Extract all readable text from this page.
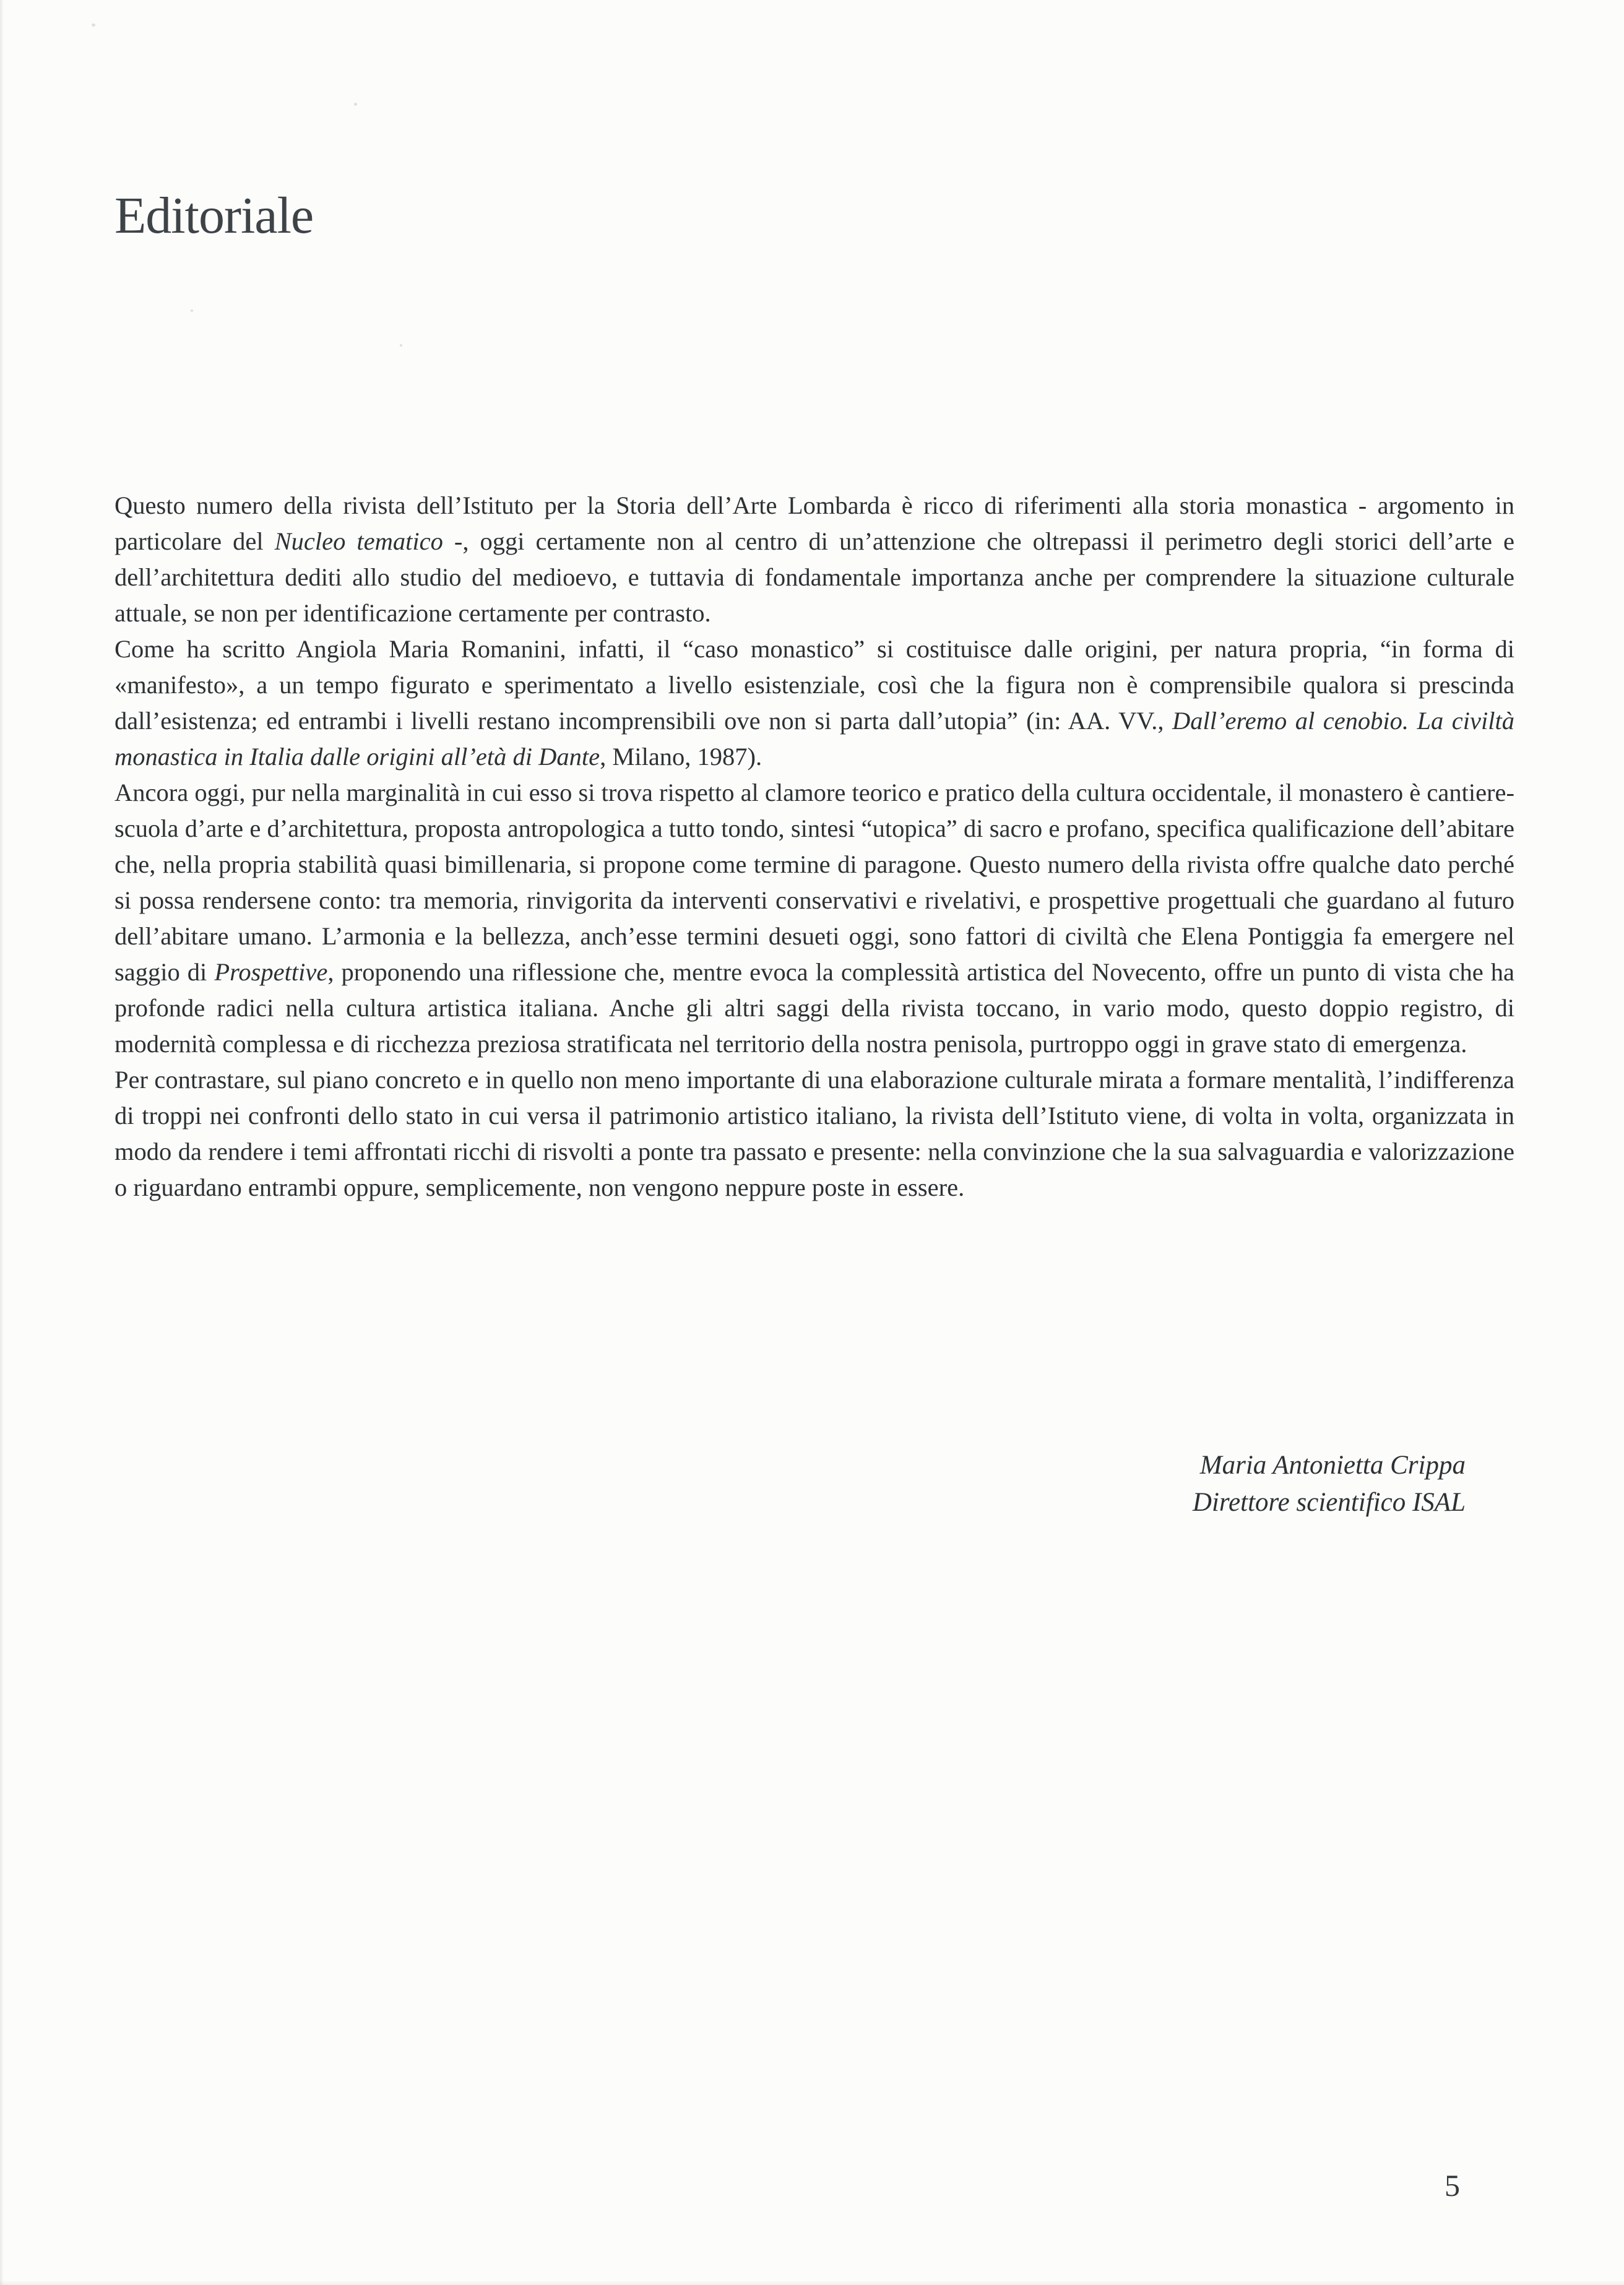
Editoriale

Questo numero della rivista dell’Istituto per la Storia dell’Arte Lombarda è ricco di riferimenti alla storia monastica - argomento in particolare del Nucleo tematico -, oggi certamente non al centro di un’attenzione che oltrepassi il perimetro degli storici dell’arte e dell’architettura dediti allo studio del medioevo, e tuttavia di fondamentale importanza anche per comprendere la situazione culturale attuale, se non per identificazione certamente per contrasto.

Come ha scritto Angiola Maria Romanini, infatti, il “caso monastico” si costituisce dalle origini, per natura propria, “in forma di «manifesto», a un tempo figurato e sperimentato a livello esistenziale, così che la figura non è comprensibile qualora si prescinda dall’esistenza; ed entrambi i livelli restano incomprensibili ove non si parta dall’utopia” (in: AA. VV., Dall’eremo al cenobio. La civiltà monastica in Italia dalle origini all’età di Dante, Milano, 1987).

Ancora oggi, pur nella marginalità in cui esso si trova rispetto al clamore teorico e pratico della cultura occidentale, il monastero è cantiere-scuola d’arte e d’architettura, proposta antropologica a tutto tondo, sintesi “utopica” di sacro e profano, specifica qualificazione dell’abitare che, nella propria stabilità quasi bimillenaria, si propone come termine di paragone. Questo numero della rivista offre qualche dato perché si possa rendersene conto: tra memoria, rinvigorita da interventi conservativi e rivelativi, e prospettive progettuali che guardano al futuro dell’abitare umano. L’armonia e la bellezza, anch’esse termini desueti oggi, sono fattori di civiltà che Elena Pontiggia fa emergere nel saggio di Prospettive, proponendo una riflessione che, mentre evoca la complessità artistica del Novecento, offre un punto di vista che ha profonde radici nella cultura artistica italiana. Anche gli altri saggi della rivista toccano, in vario modo, questo doppio registro, di modernità complessa e di ricchezza preziosa stratificata nel territorio della nostra penisola, purtroppo oggi in grave stato di emergenza.

Per contrastare, sul piano concreto e in quello non meno importante di una elaborazione culturale mirata a formare mentalità, l’indifferenza di troppi nei confronti dello stato in cui versa il patrimonio artistico italiano, la rivista dell’Istituto viene, di volta in volta, organizzata in modo da rendere i temi affrontati ricchi di risvolti a ponte tra passato e presente: nella convinzione che la sua salvaguardia e valorizzazione o riguardano entrambi oppure, semplicemente, non vengono neppure poste in essere.

Maria Antonietta Crippa
Direttore scientifico ISAL
5
